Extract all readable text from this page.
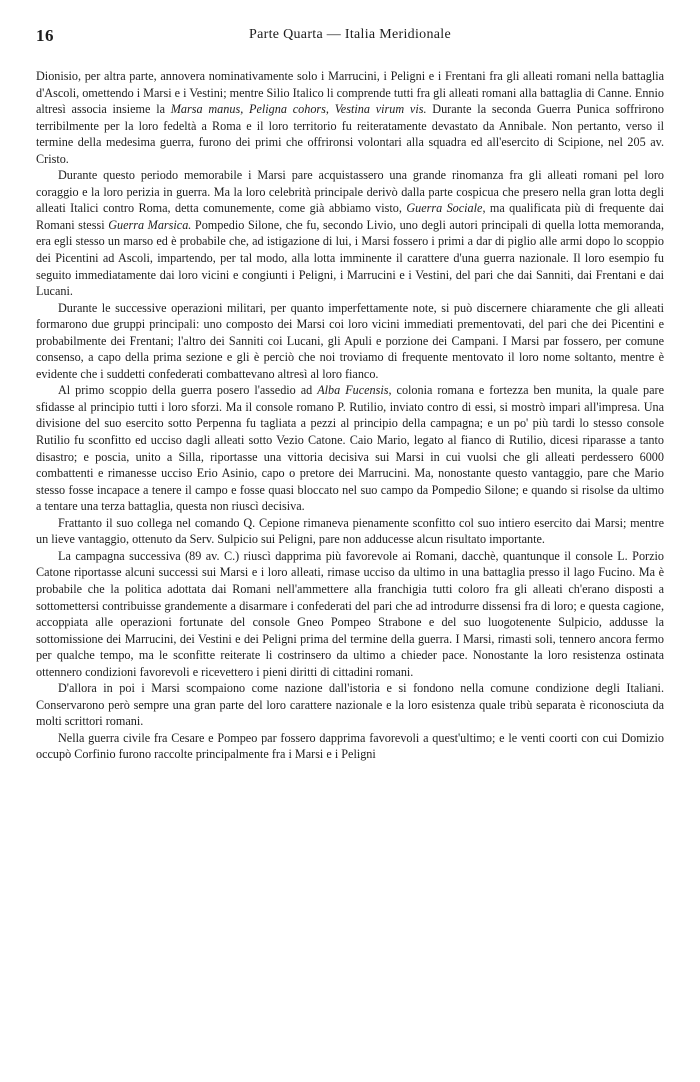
16	Parte Quarta — Italia Meridionale

Dionisio, per altra parte, annovera nominativamente solo i Marrucini, i Peligni e i Frentani fra gli alleati romani nella battaglia d'Ascoli, omettendo i Marsi e i Vestini; mentre Silio Italico li comprende tutti fra gli alleati romani alla battaglia di Canne. Ennio altresì associa insieme la Marsa manus, Peligna cohors, Vestina virum vis. Durante la seconda Guerra Punica soffrirono terribilmente per la loro fedeltà a Roma e il loro territorio fu reiteratamente devastato da Annibale. Non pertanto, verso il termine della medesima guerra, furono dei primi che offrironsi volontari alla squadra ed all'esercito di Scipione, nel 205 av. Cristo.

Durante questo periodo memorabile i Marsi pare acquistassero una grande rinomanza fra gli alleati romani pel loro coraggio e la loro perizia in guerra. Ma la loro celebrità principale derivò dalla parte cospicua che presero nella gran lotta degli alleati Italici contro Roma, detta comunemente, come già abbiamo visto, Guerra Sociale, ma qualificata più di frequente dai Romani stessi Guerra Marsica. Pompedio Silone, che fu, secondo Livio, uno degli autori principali di quella lotta memoranda, era egli stesso un marso ed è probabile che, ad istigazione di lui, i Marsi fossero i primi a dar di piglio alle armi dopo lo scoppio dei Picentini ad Ascoli, impartendo, per tal modo, alla lotta imminente il carattere d'una guerra nazionale. Il loro esempio fu seguito immediatamente dai loro vicini e congiunti i Peligni, i Marrucini e i Vestini, del pari che dai Sanniti, dai Frentani e dai Lucani.

Durante le successive operazioni militari, per quanto imperfettamente note, si può discernere chiaramente che gli alleati formarono due gruppi principali: uno composto dei Marsi coi loro vicini immediati prementovati, del pari che dei Picentini e probabilmente dei Frentani; l'altro dei Sanniti coi Lucani, gli Apuli e porzione dei Campani. I Marsi par fossero, per comune consenso, a capo della prima sezione e gli è perciò che noi troviamo di frequente mentovato il loro nome soltanto, mentre è evidente che i suddetti confederati combattevano altresì al loro fianco.

Al primo scoppio della guerra posero l'assedio ad Alba Fucensis, colonia romana e fortezza ben munita, la quale pare sfidasse al principio tutti i loro sforzi. Ma il console romano P. Rutilio, inviato contro di essi, si mostrò impari all'impresa. Una divisione del suo esercito sotto Perpenna fu tagliata a pezzi al principio della campagna; e un po' più tardi lo stesso console Rutilio fu sconfitto ed ucciso dagli alleati sotto Vezio Catone. Caio Mario, legato al fianco di Rutilio, dicesi riparasse a tanto disastro; e poscia, unito a Silla, riportasse una vittoria decisiva sui Marsi in cui vuolsi che gli alleati perdessero 6000 combattenti e rimanesse ucciso Erio Asinio, capo o pretore dei Marrucini. Ma, nonostante questo vantaggio, pare che Mario stesso fosse incapace a tenere il campo e fosse quasi bloccato nel suo campo da Pompedio Silone; e quando si risolse da ultimo a tentare una terza battaglia, questa non riuscì decisiva.

Frattanto il suo collega nel comando Q. Cepione rimaneva pienamente sconfitto col suo intiero esercito dai Marsi; mentre un lieve vantaggio, ottenuto da Serv. Sulpicio sui Peligni, pare non adducesse alcun risultato importante.

La campagna successiva (89 av. C.) riuscì dapprima più favorevole ai Romani, dacchè, quantunque il console L. Porzio Catone riportasse alcuni successi sui Marsi e i loro alleati, rimase ucciso da ultimo in una battaglia presso il lago Fucino. Ma è probabile che la politica adottata dai Romani nell'ammettere alla franchigia tutti coloro fra gli alleati ch'erano disposti a sottomettersi contribuisse grandemente a disarmare i confederati del pari che ad introdurre dissensi fra di loro; e questa cagione, accoppiata alle operazioni fortunate del console Gneo Pompeo Strabone e del suo luogotenente Sulpicio, addusse la sottomissione dei Marrucini, dei Vestini e dei Peligni prima del termine della guerra. I Marsi, rimasti soli, tennero ancora fermo per qualche tempo, ma le sconfitte reiterate li costrinsero da ultimo a chieder pace. Nonostante la loro resistenza ostinata ottennero condizioni favorevoli e ricevettero i pieni diritti di cittadini romani.

D'allora in poi i Marsi scompaiono come nazione dall'istoria e si fondono nella comune condizione degli Italiani. Conservarono però sempre una gran parte del loro carattere nazionale e la loro esistenza quale tribù separata è riconosciuta da molti scrittori romani.

Nella guerra civile fra Cesare e Pompeo par fossero dapprima favorevoli a quest'ultimo; e le venti coorti con cui Domizio occupò Corfinio furono raccolte principalmente fra i Marsi e i Peligni
